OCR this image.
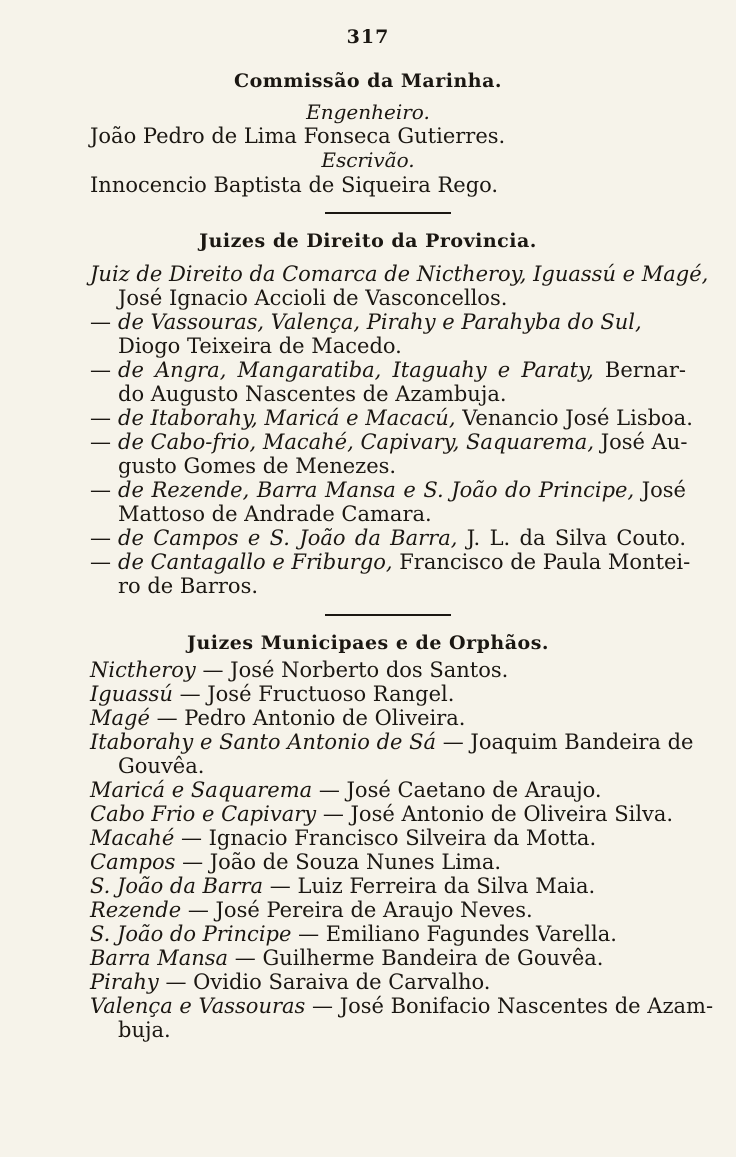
317
Commissão da Marinha.
Engenheiro.
João Pedro de Lima Fonseca Gutierres.
Escrivão.
Innocencio Baptista de Siqueira Rego.
Juizes de Direito da Provincia.
Juiz de Direito da Comarca de Nictheroy, Iguassú e Magé,
José Ignacio Accioli de Vasconcellos.
— de Vassouras, Valença, Pirahy e Parahyba do Sul,
Diogo Teixeira de Macedo.
— de Angra, Mangaratiba, Itaguahy e Paraty, Bernar-
do Augusto Nascentes de Azambuja.
— de Itaborahy, Maricá e Macacú, Venancio José Lisboa.
— de Cabo-frio, Macahé, Capivary, Saquarema, José Au-
gusto Gomes de Menezes.
— de Rezende, Barra Mansa e S. João do Principe, José
Mattoso de Andrade Camara.
— de Campos e S. João da Barra, J. L. da Silva Couto.
— de Cantagallo e Friburgo, Francisco de Paula Montei-
ro de Barros.
Juizes Municipaes e de Orphãos.
Nictheroy — José Norberto dos Santos.
Iguassú — José Fructuoso Rangel.
Magé — Pedro Antonio de Oliveira.
Itaborahy e Santo Antonio de Sá — Joaquim Bandeira de
Gouvêa.
Maricá e Saquarema — José Caetano de Araujo.
Cabo Frio e Capivary — José Antonio de Oliveira Silva.
Macahé — Ignacio Francisco Silveira da Motta.
Campos — João de Souza Nunes Lima.
S. João da Barra — Luiz Ferreira da Silva Maia.
Rezende — José Pereira de Araujo Neves.
S. João do Principe — Emiliano Fagundes Varella.
Barra Mansa — Guilherme Bandeira de Gouvêa.
Pirahy — Ovidio Saraiva de Carvalho.
Valença e Vassouras — José Bonifacio Nascentes de Azam-
buja.
